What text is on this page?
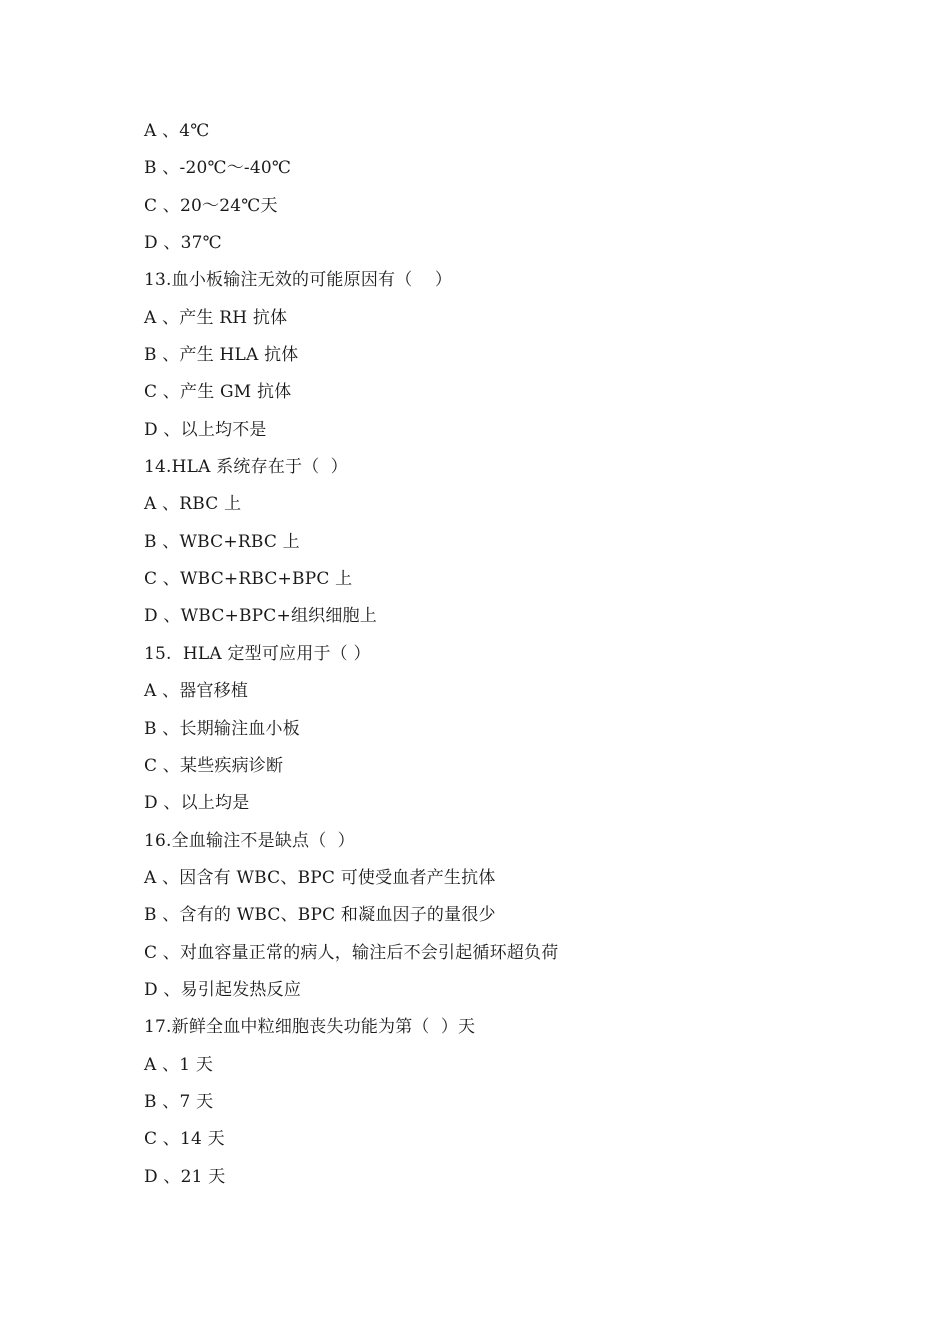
A 、4℃
B 、-20℃～-40℃
C 、20～24℃天
D 、37℃
13.血小板输注无效的可能原因有（    ）
A 、产生 RH 抗体
B 、产生 HLA 抗体
C 、产生 GM 抗体
D 、以上均不是
14.HLA 系统存在于（  ）
A 、RBC 上
B 、WBC+RBC 上
C 、WBC+RBC+BPC 上
D 、WBC+BPC+组织细胞上
15.  HLA 定型可应用于（ ）
A 、器官移植
B 、长期输注血小板
C 、某些疾病诊断
D 、以上均是
16.全血输注不是缺点（  ）
A 、因含有 WBC、BPC 可使受血者产生抗体
B 、含有的 WBC、BPC 和凝血因子的量很少
C 、对血容量正常的病人，输注后不会引起循环超负荷
D 、易引起发热反应
17.新鲜全血中粒细胞丧失功能为第（  ）天
A 、1 天
B 、7 天
C 、14 天
D 、21 天
